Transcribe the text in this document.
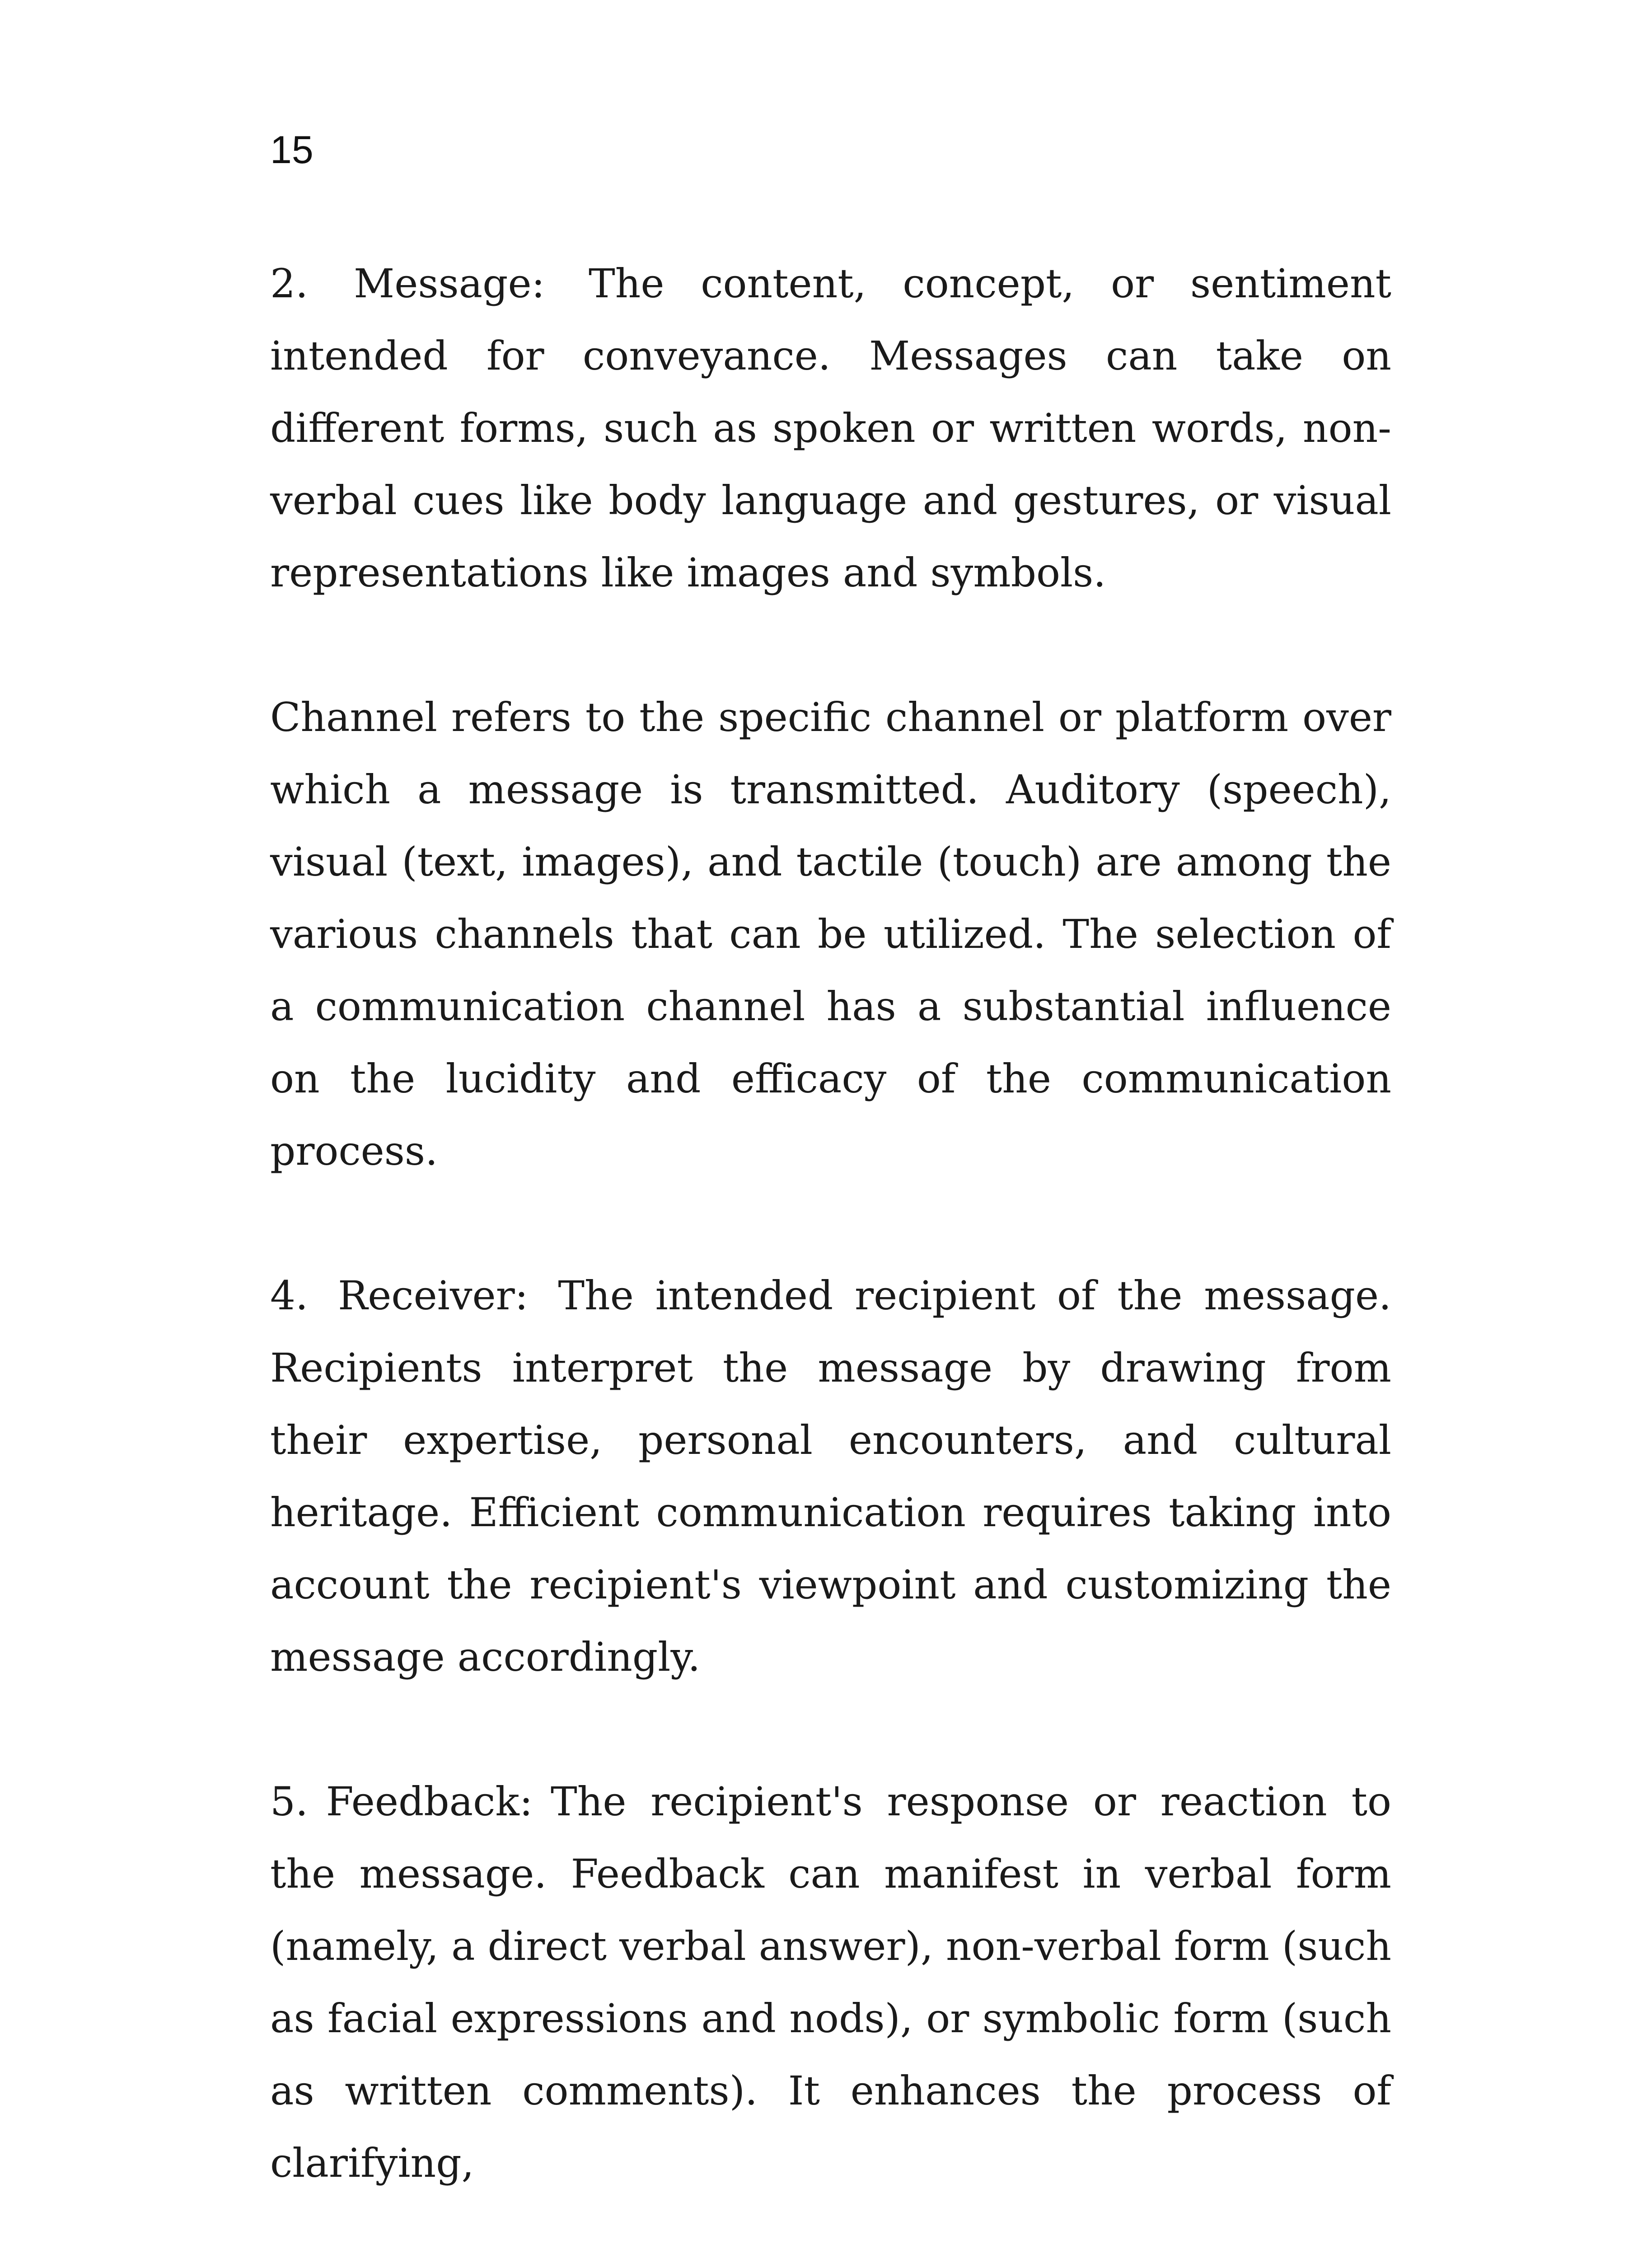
15

2. Message: The content, concept, or sentiment intended for conveyance. Messages can take on different forms, such as spoken or written words, non-verbal cues like body language and gestures, or visual representations like images and symbols.

Channel refers to the specific channel or platform over which a message is transmitted. Auditory (speech), visual (text, images), and tactile (touch) are among the various channels that can be utilized. The selection of a communication channel has a substantial influence on the lucidity and efficacy of the communication process.

4. Receiver: The intended recipient of the message. Recipients interpret the message by drawing from their expertise, personal encounters, and cultural heritage. Efficient communication requires taking into account the recipient's viewpoint and customizing the message accordingly.

5. Feedback: The recipient's response or reaction to the message. Feedback can manifest in verbal form (namely, a direct verbal answer), non-verbal form (such as facial expressions and nods), or symbolic form (such as written comments). It enhances the process of clarifying,
